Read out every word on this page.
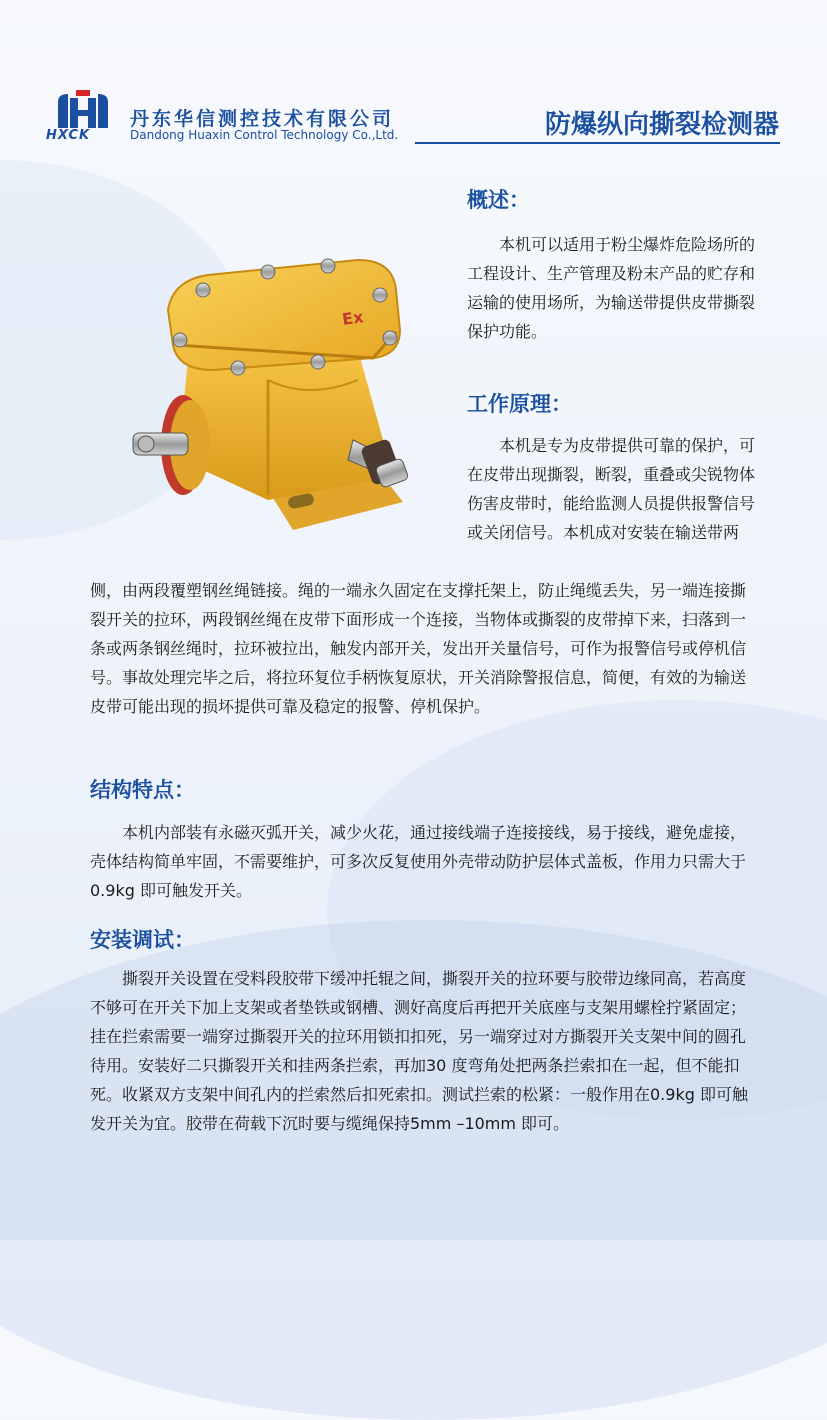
HXCK
丹东华信测控技术有限公司
Dandong Huaxin Control Technology Co.,Ltd.	防爆纵向撕裂检测器
Ex
概述：

本机可以适用于粉尘爆炸危险场所的工程设计、生产管理及粉末产品的贮存和运输的使用场所，为输送带提供皮带撕裂保护功能。

工作原理：

本机是专为皮带提供可靠的保护，可在皮带出现撕裂，断裂，重叠或尖锐物体伤害皮带时，能给监测人员提供报警信号或关闭信号。本机成对安装在输送带两

侧，由两段覆塑钢丝绳链接。绳的一端永久固定在支撑托架上，防止绳缆丢失，另一端连接撕裂开关的拉环，两段钢丝绳在皮带下面形成一个连接，当物体或撕裂的皮带掉下来，扫落到一条或两条钢丝绳时，拉环被拉出，触发内部开关，发出开关量信号，可作为报警信号或停机信号。事故处理完毕之后，将拉环复位手柄恢复原状，开关消除警报信息，简便，有效的为输送皮带可能出现的损坏提供可靠及稳定的报警、停机保护。

结构特点：

本机内部装有永磁灭弧开关，减少火花，通过接线端子连接接线，易于接线，避免虚接，壳体结构简单牢固，不需要维护，可多次反复使用外壳带动防护层体式盖板，作用力只需大于0.9kg 即可触发开关。

安装调试：

撕裂开关设置在受料段胶带下缓冲托辊之间，撕裂开关的拉环要与胶带边缘同高，若高度不够可在开关下加上支架或者垫铁或钢槽、测好高度后再把开关底座与支架用螺栓拧紧固定；挂在拦索需要一端穿过撕裂开关的拉环用锁扣扣死，另一端穿过对方撕裂开关支架中间的圆孔待用。安装好二只撕裂开关和挂两条拦索，再加30 度弯角处把两条拦索扣在一起，但不能扣死。收紧双方支架中间孔内的拦索然后扣死索扣。测试拦索的松紧：一般作用在0.9kg 即可触发开关为宜。胶带在荷载下沉时要与缆绳保持5mm –10mm 即可。
